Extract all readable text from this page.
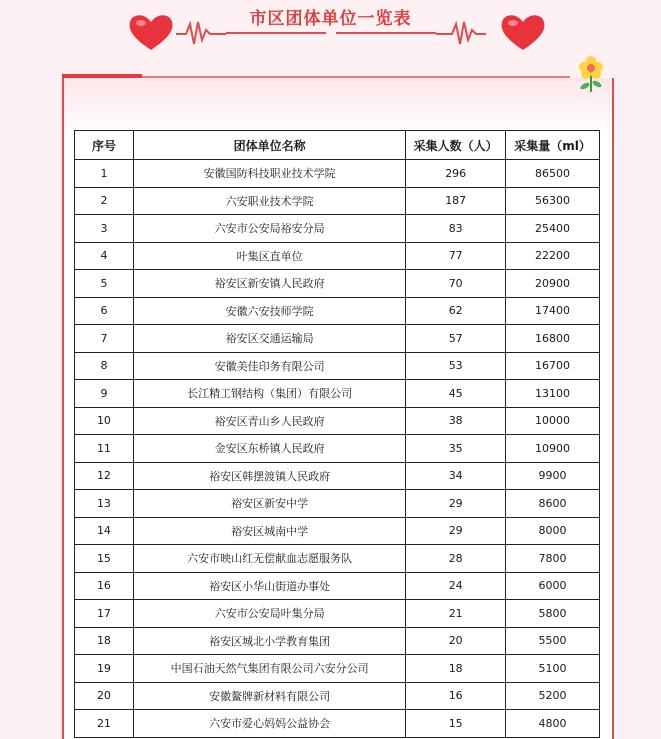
市区团体单位一览表
序号	团体单位名称	采集人数（人）	采集量（ml）
1	安徽国防科技职业技术学院	296	86500
2	六安职业技术学院	187	56300
3	六安市公安局裕安分局	83	25400
4	叶集区直单位	77	22200
5	裕安区新安镇人民政府	70	20900
6	安徽六安技师学院	62	17400
7	裕安区交通运输局	57	16800
8	安徽美佳印务有限公司	53	16700
9	长江精工钢结构（集团）有限公司	45	13100
10	裕安区青山乡人民政府	38	10000
11	金安区东桥镇人民政府	35	10900
12	裕安区韩摆渡镇人民政府	34	9900
13	裕安区新安中学	29	8600
14	裕安区城南中学	29	8000
15	六安市映山红无偿献血志愿服务队	28	7800
16	裕安区小华山街道办事处	24	6000
17	六安市公安局叶集分局	21	5800
18	裕安区城北小学教育集团	20	5500
19	中国石油天然气集团有限公司六安分公司	18	5100
20	安徽鳌牌新材料有限公司	16	5200
21	六安市爱心妈妈公益协会	15	4800
